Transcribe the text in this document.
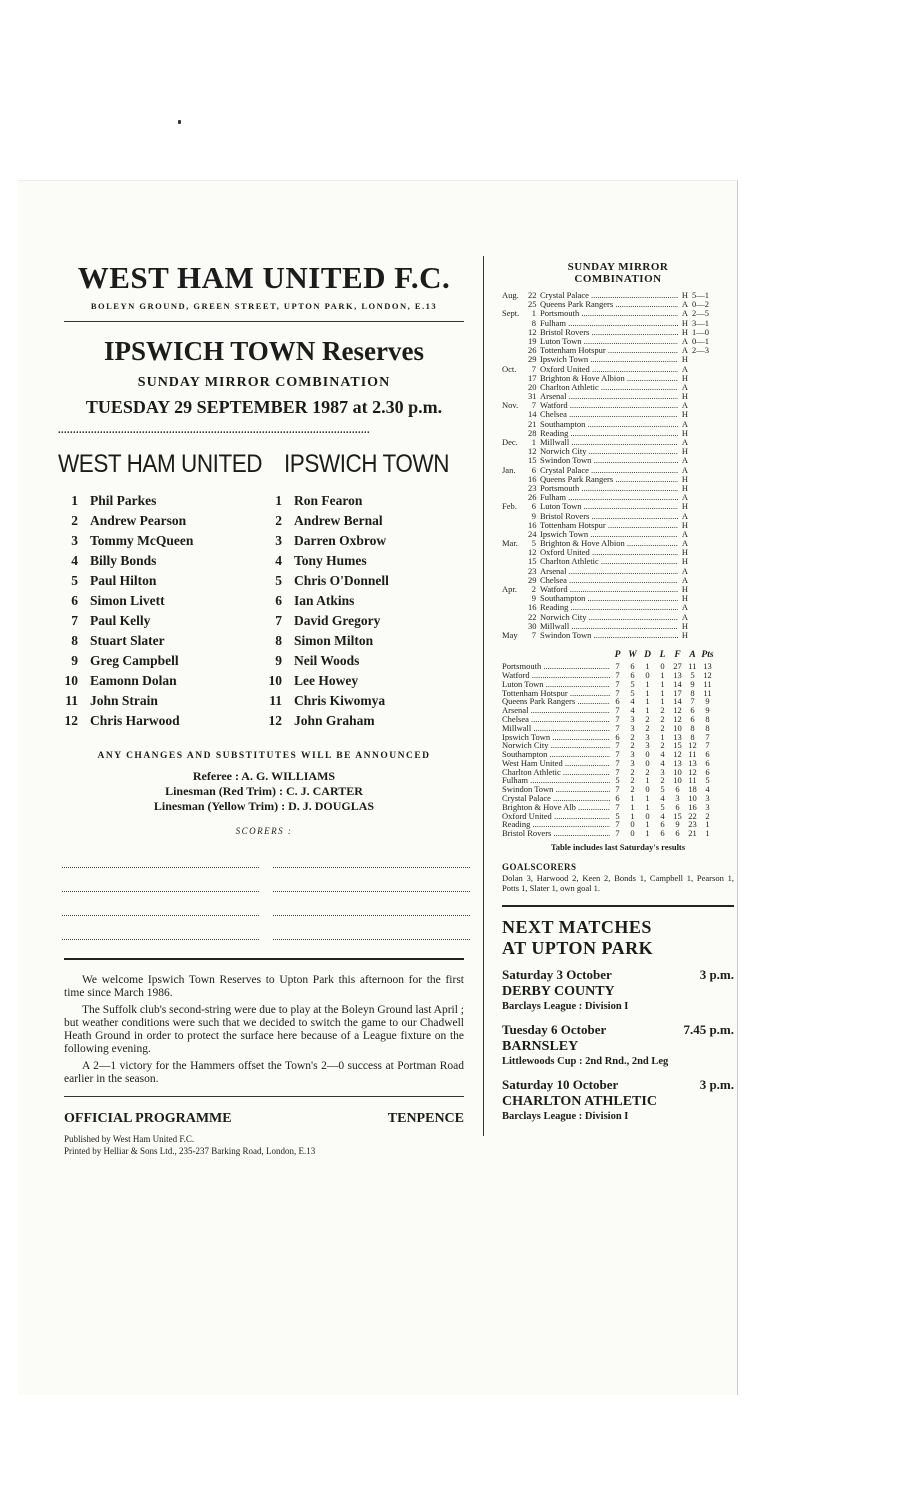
WEST HAM UNITED F.C.
BOLEYN GROUND, GREEN STREET, UPTON PARK, LONDON, E.13
IPSWICH TOWN Reserves
SUNDAY MIRROR COMBINATION
TUESDAY 29 SEPTEMBER 1987 at 2.30 p.m.
........................................................................................................
WEST HAM UNITED
1 Phil Parkes
2 Andrew Pearson
3 Tommy McQueen
4 Billy Bonds
5 Paul Hilton
6 Simon Livett
7 Paul Kelly
8 Stuart Slater
9 Greg Campbell
10 Eamonn Dolan
11 John Strain
12 Chris Harwood
IPSWICH TOWN
1 Ron Fearon
2 Andrew Bernal
3 Darren Oxbrow
4 Tony Humes
5 Chris O'Donnell
6 Ian Atkins
7 David Gregory
8 Simon Milton
9 Neil Woods
10 Lee Howey
11 Chris Kiwomya
12 John Graham
ANY CHANGES AND SUBSTITUTES WILL BE ANNOUNCED
Referee : A. G. WILLIAMS
Linesman (Red Trim) : C. J. CARTER
Linesman (Yellow Trim) : D. J. DOUGLAS
SCORERS :

We welcome Ipswich Town Reserves to Upton Park this afternoon for the first time since March 1986.

The Suffolk club's second-string were due to play at the Boleyn Ground last April ; but weather conditions were such that we decided to switch the game to our Chadwell Heath Ground in order to protect the surface here because of a League fixture on the following evening.

A 2—1 victory for the Hammers offset the Town's 2—0 success at Portman Road earlier in the season.

OFFICIAL PROGRAMME	TENPENCE
Published by West Ham United F.C.
Printed by Helliar & Sons Ltd., 235-237 Barking Road, London, E.13
SUNDAY MIRROR
COMBINATION
Aug.	22 Crystal Palace .....	H 5—1
25 Queens Park Rangers .....	A 0—2
Sept.	1 Portsmouth .....	A 2—5
8 Fulham .....	H 3—1
12 Bristol Rovers .....	H 1—0
19 Luton Town .....	A 0—1
26 Tottenham Hotspur .....	A 2—3
29 Ipswich Town .....	H
Oct.	7 Oxford United .....	A
17 Brighton & Hove Albion .....	H
20 Charlton Athletic .....	A
31 Arsenal .....	H
Nov.	7 Watford .....	A
14 Chelsea .....	H
21 Southampton .....	A
28 Reading .....	H
Dec.	1 Millwall .....	A
12 Norwich City .....	H
15 Swindon Town .....	A
Jan.	6 Crystal Palace .....	A
16 Queens Park Rangers .....	H
23 Portsmouth .....	H
26 Fulham .....	A
Feb.	6 Luton Town .....	H
9 Bristol Rovers .....	A
16 Tottenham Hotspur .....	H
24 Ipswich Town .....	A
Mar.	5 Brighton & Hove Albion .....	A
12 Oxford United .....	H
15 Charlton Athletic .....	H
23 Arsenal .....	A
29 Chelsea .....	A
Apr.	2 Watford .....	H
9 Southampton .....	H
16 Reading .....	A
22 Norwich City .....	A
30 Millwall .....	H
May	7 Swindon Town .....	H
P W D L F A Pts
Portsmouth .....	7	6	1	0	27 11 13
Watford .....	7	6	0	1	13	5	12
Luton Town .....	7	5	1	1	14	9	11
Tottenham Hotspur .....	7	5	1	1	17	8	11
Queens Park Rangers .....	6	4	1	1	14	7	9
Arsenal .....	7	4	1	2	12	6	9
Chelsea .....	7	3	2	2	12	6	8
Millwall .....	7	3	2	2	10	8	8
Ipswich Town .....	6	2	3	1	13	8	7
Norwich City .....	7	2	3	2	15 12	7
Southampton .....	7	3	0	4	12 11	6
West Ham United .....	7	3	0	4	13 13	6
Charlton Athletic .....	7	2	2	3	10 12	6
Fulham .....	5	2	1	2	10 11	5
Swindon Town .....	7	2	0	5	6	18	4
Crystal Palace .....	6	1	1	4	3	10	3
Brighton & Hove Alb .....	7	1	1	5	6	16	3
Oxford United .....	5	1	0	4	15 22	2
Reading .....	7	0	1	6	9	23	1
Bristol Rovers .....	7	0	1	6	6	21	1
Table includes last Saturday's results
GOALSCORERS
Dolan 3, Harwood 2, Keen 2, Bonds 1, Campbell 1, Pearson 1, Potts 1, Slater 1, own goal 1.
NEXT MATCHES
AT UPTON PARK
Saturday 3 October	3 p.m.
DERBY COUNTY
Barclays League : Division I
Tuesday 6 October	7.45 p.m.
BARNSLEY
Littlewoods Cup : 2nd Rnd., 2nd Leg
Saturday 10 October	3 p.m.
CHARLTON ATHLETIC
Barclays League : Division I
